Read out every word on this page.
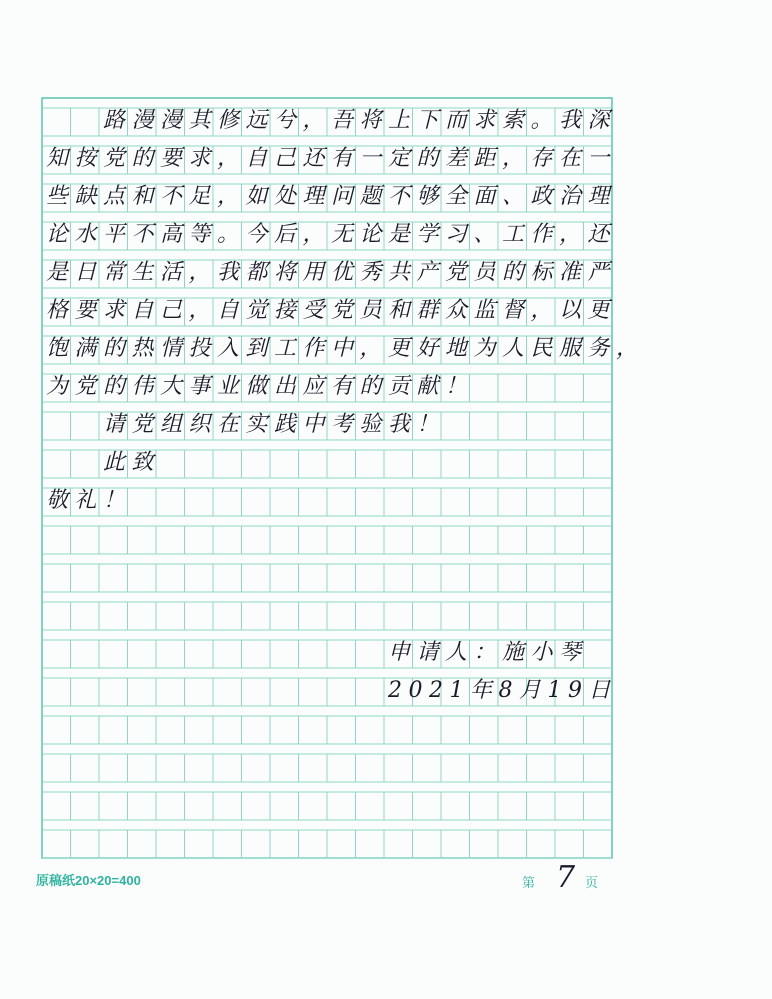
　　路漫漫其修远兮，吾将上下而求索。我深
知按党的要求，自己还有一定的差距，存在一
些缺点和不足，如处理问题不够全面、政治理
论水平不高等。今后，无论是学习、工作，还
是日常生活，我都将用优秀共产党员的标准严
格要求自己，自觉接受党员和群众监督，以更
饱满的热情投入到工作中，更好地为人民服务，
为党的伟大事业做出应有的贡献！
　　请党组织在实践中考验我！
　　此致
敬礼！
　　　　　　　　　　　　申请人：施小琴
　　　　　　　　　　　　2021年8月19日
原稿纸20×20=400	第 7 页
